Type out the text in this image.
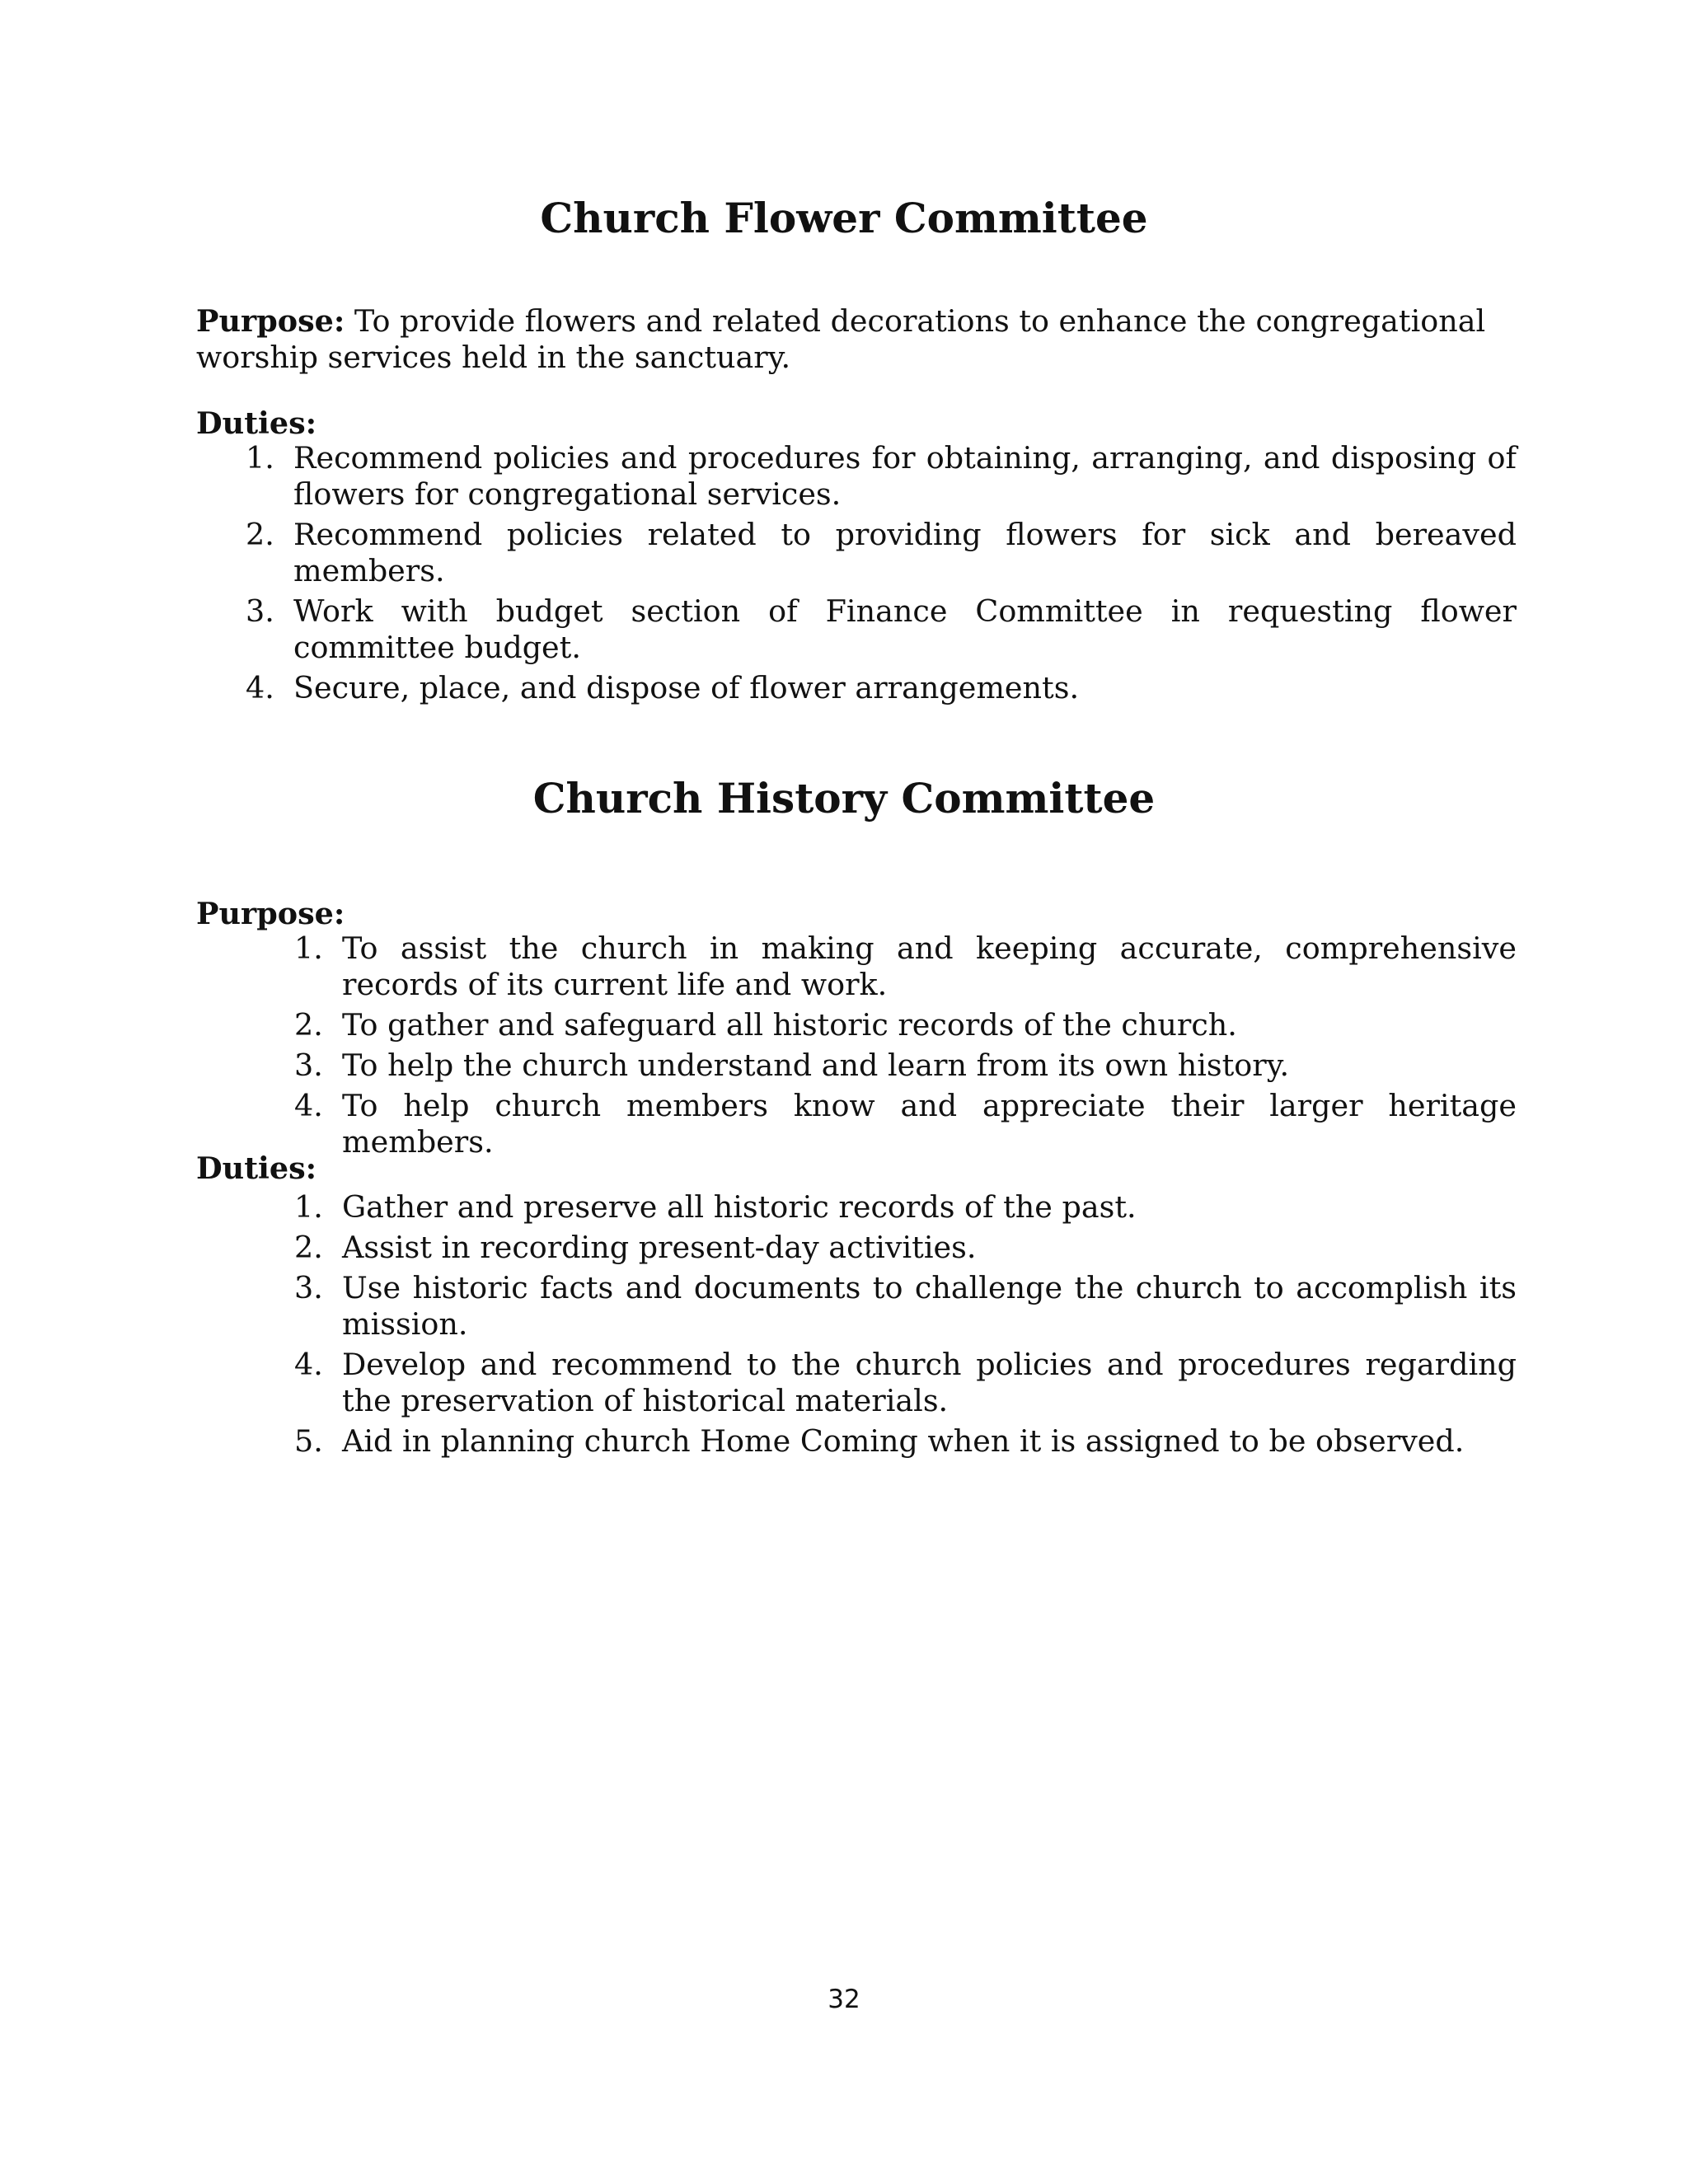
Church Flower Committee

Purpose: To provide flowers and related decorations to enhance the congregational worship services held in the sanctuary.

Duties:

1. Recommend policies and procedures for obtaining, arranging, and disposing of flowers for congregational services.
2. Recommend policies related to providing flowers for sick and bereaved members.
3. Work with budget section of Finance Committee in requesting flower committee budget.
4. Secure, place, and dispose of flower arrangements.
Church History Committee

Purpose:

1. To assist the church in making and keeping accurate, comprehensive records of its current life and work.
2. To gather and safeguard all historic records of the church.
3. To help the church understand and learn from its own history.
4. To help church members know and appreciate their larger heritage members.

Duties:

1. Gather and preserve all historic records of the past.
2. Assist in recording present-day activities.
3. Use historic facts and documents to challenge the church to accomplish its mission.
4. Develop and recommend to the church policies and procedures regarding the preservation of historical materials.
5. Aid in planning church Home Coming when it is assigned to be observed.
32
